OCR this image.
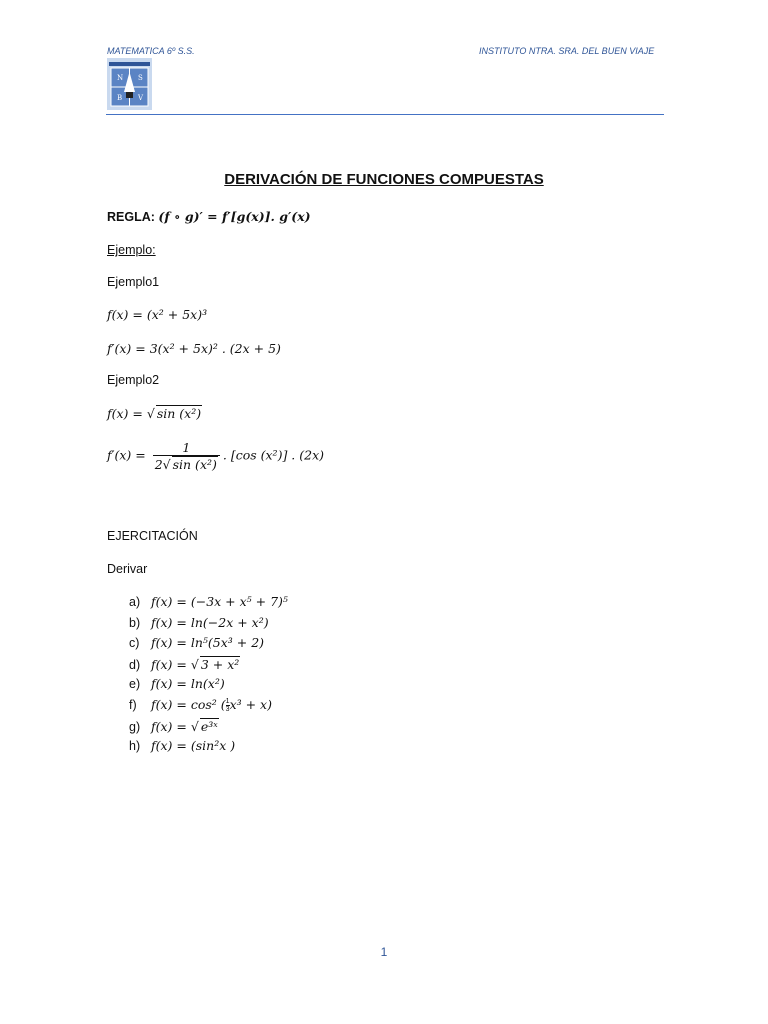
MATEMATICA 6º S.S.	INSTITUTO NTRA. SRA. DEL BUEN VIAJE
N S
B V
DERIVACIÓN DE FUNCIONES COMPUESTAS
REGLA: (f ∘ g)′ = f′[g(x)]. g′(x)
Ejemplo:
Ejemplo1
f(x) = (x² + 5x)³
f′(x) = 3(x² + 5x)² . (2x + 5)
Ejemplo2
f(x) = √ sin (x²)
$f'(x) = \frac{1}{\text{2√ sin (x²)}}$ . [cos (x²)] . (2x)
EJERCITACIÓN
Derivar
a) f(x) = (−3x + x⁵ + 7)⁵
b) f(x) = ln(−2x + x²)
c) f(x) = ln⁵(5x³ + 2)
d) f(x) = √ 3 + x²
e) f(x) = ln(x²)
f) f(x) = cos² ( $\frac{1}{3} x^3 + x$)
g) f(x) = √ e³ˣ
h) f(x) = (sin²x )
1
